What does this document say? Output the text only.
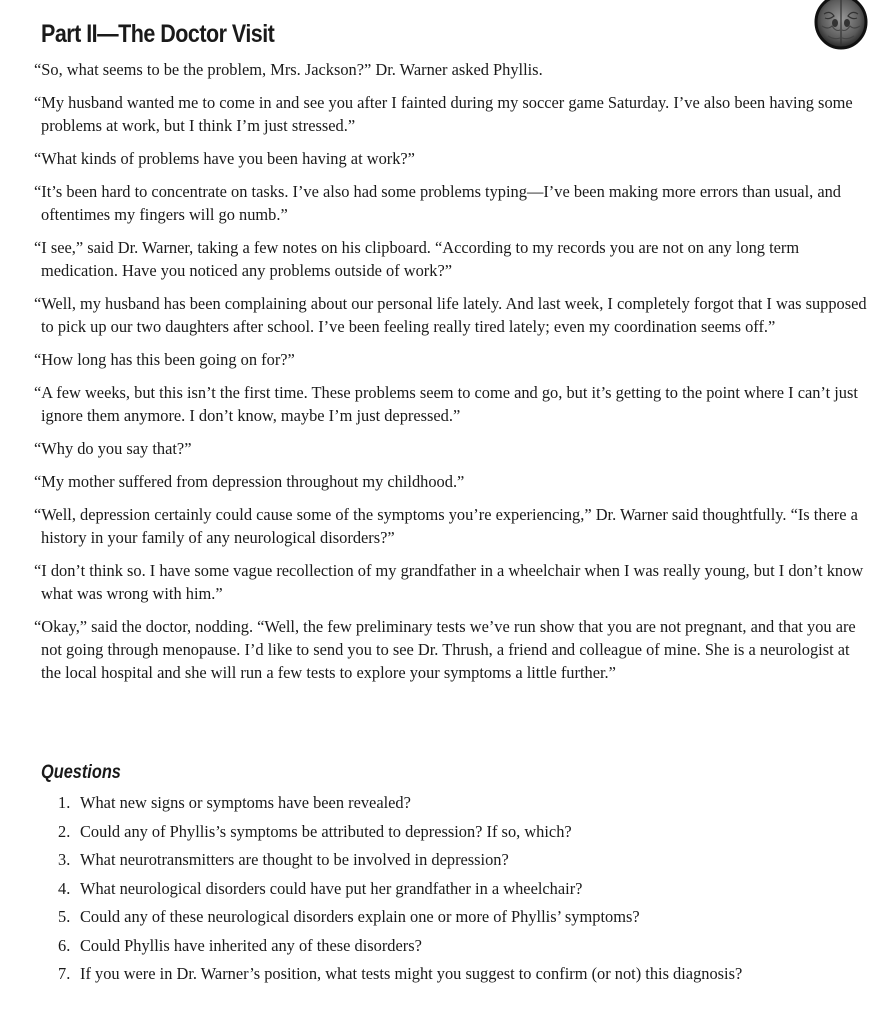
Part II—The Doctor Visit

“So, what seems to be the problem, Mrs. Jackson?” Dr. Warner asked Phyllis.

“My husband wanted me to come in and see you after I fainted during my soccer game Saturday. I’ve also been having some problems at work, but I think I’m just stressed.”

“What kinds of problems have you been having at work?”

“It’s been hard to concentrate on tasks. I’ve also had some problems typing—I’ve been making more errors than usual, and oftentimes my fingers will go numb.”

“I see,” said Dr. Warner, taking a few notes on his clipboard. “According to my records you are not on any long term medication. Have you noticed any problems outside of work?”

“Well, my husband has been complaining about our personal life lately. And last week, I completely forgot that I was supposed to pick up our two daughters after school. I’ve been feeling really tired lately; even my coordination seems off.”

“How long has this been going on for?”

“A few weeks, but this isn’t the first time. These problems seem to come and go, but it’s getting to the point where I can’t just ignore them anymore. I don’t know, maybe I’m just depressed.”

“Why do you say that?”

“My mother suffered from depression throughout my childhood.”

“Well, depression certainly could cause some of the symptoms you’re experiencing,” Dr. Warner said thoughtfully. “Is there a history in your family of any neurological disorders?”

“I don’t think so. I have some vague recollection of my grandfather in a wheelchair when I was really young, but I don’t know what was wrong with him.”

“Okay,” said the doctor, nodding. “Well, the few preliminary tests we’ve run show that you are not pregnant, and that you are not going through menopause. I’d like to send you to see Dr. Thrush, a friend and colleague of mine. She is a neurologist at the local hospital and she will run a few tests to explore your symptoms a little further.”

Questions
1. What new signs or symptoms have been revealed?
2. Could any of Phyllis’s symptoms be attributed to depression? If so, which?
3. What neurotransmitters are thought to be involved in depression?
4. What neurological disorders could have put her grandfather in a wheelchair?
5. Could any of these neurological disorders explain one or more of Phyllis’ symptoms?
6. Could Phyllis have inherited any of these disorders?
7. If you were in Dr. Warner’s position, what tests might you suggest to confirm (or not) this diagnosis?
